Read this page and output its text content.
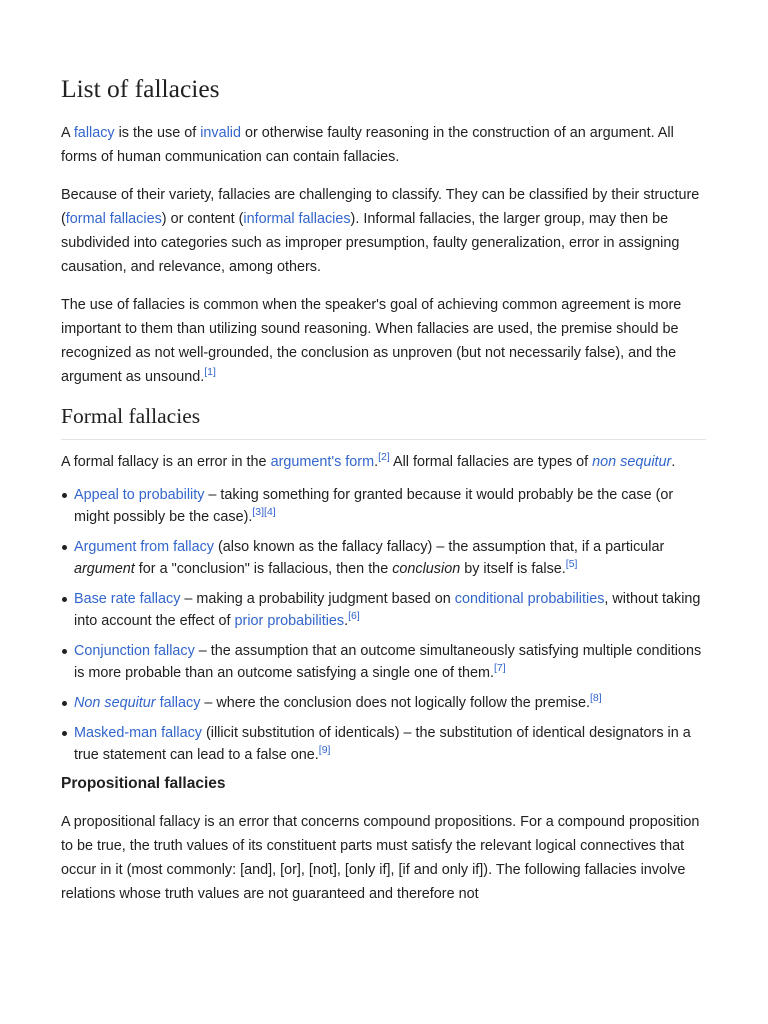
List of fallacies

A fallacy is the use of invalid or otherwise faulty reasoning in the construction of an argument. All forms of human communication can contain fallacies.

Because of their variety, fallacies are challenging to classify. They can be classified by their structure (formal fallacies) or content (informal fallacies). Informal fallacies, the larger group, may then be subdivided into categories such as improper presumption, faulty generalization, error in assigning causation, and relevance, among others.

The use of fallacies is common when the speaker's goal of achieving common agreement is more important to them than utilizing sound reasoning. When fallacies are used, the premise should be recognized as not well-grounded, the conclusion as unproven (but not necessarily false), and the argument as unsound.[1]

Formal fallacies

A formal fallacy is an error in the argument's form.[2] All formal fallacies are types of non sequitur.

Appeal to probability – taking something for granted because it would probably be the case (or might possibly be the case).[3][4]
Argument from fallacy (also known as the fallacy fallacy) – the assumption that, if a particular argument for a "conclusion" is fallacious, then the conclusion by itself is false.[5]
Base rate fallacy – making a probability judgment based on conditional probabilities, without taking into account the effect of prior probabilities.[6]
Conjunction fallacy – the assumption that an outcome simultaneously satisfying multiple conditions is more probable than an outcome satisfying a single one of them.[7]
Non sequitur fallacy – where the conclusion does not logically follow the premise.[8]
Masked-man fallacy (illicit substitution of identicals) – the substitution of identical designators in a true statement can lead to a false one.[9]
Propositional fallacies

A propositional fallacy is an error that concerns compound propositions. For a compound proposition to be true, the truth values of its constituent parts must satisfy the relevant logical connectives that occur in it (most commonly: [and], [or], [not], [only if], [if and only if]). The following fallacies involve relations whose truth values are not guaranteed and therefore not
